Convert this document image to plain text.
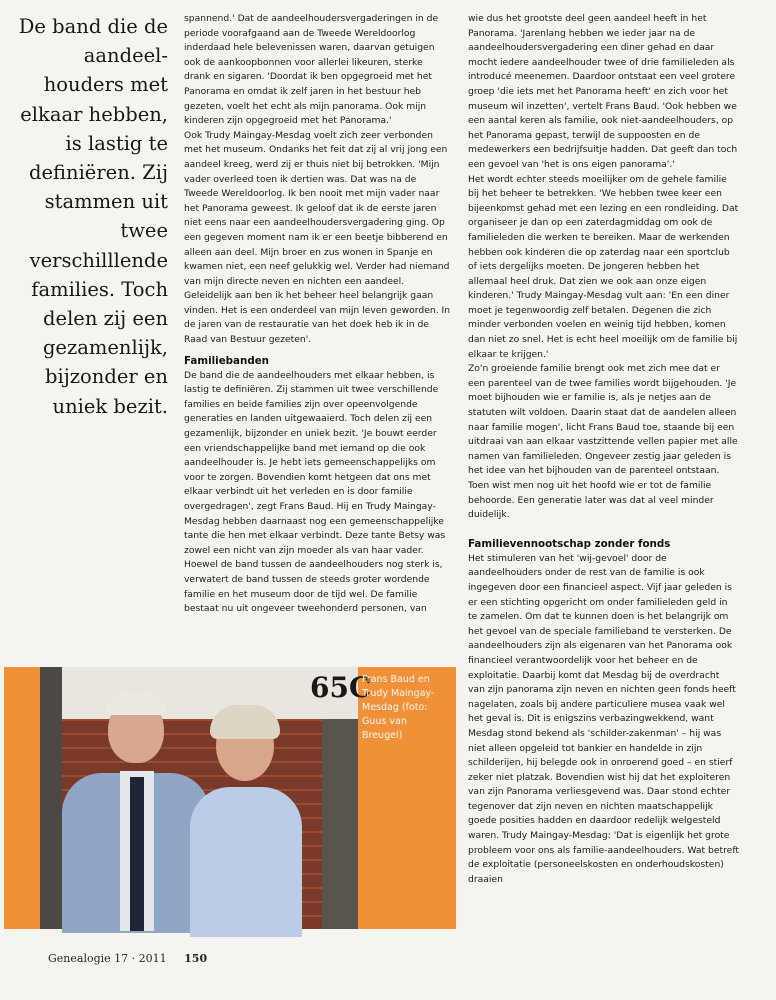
De band die de aandeel-houders met elkaar hebben, is lastig te definiëren. Zij stammen uit twee verschilllende families. Toch delen zij een gezamenlijk, bijzonder en uniek bezit.

spannend.' Dat de aandeelhoudersvergaderingen in de periode voorafgaand aan de Tweede Wereldoorlog inderdaad hele belevenissen waren, daarvan getuigen ook de aankoopbonnen voor allerlei likeuren, sterke drank en sigaren. 'Doordat ik ben opgegroeid met het Panorama en omdat ik zelf jaren in het bestuur heb gezeten, voelt het echt als mijn panorama. Ook mijn kinderen zijn opgegroeid met het Panorama.'

Ook Trudy Maingay-Mesdag voelt zich zeer verbonden met het museum. Ondanks het feit dat zij al vrij jong een aandeel kreeg, werd zij er thuis niet bij betrokken. 'Mijn vader overleed toen ik dertien was. Dat was na de Tweede Wereldoorlog. Ik ben nooit met mijn vader naar het Panorama geweest. Ik geloof dat ik de eerste jaren niet eens naar een aandeelhoudersvergadering ging. Op een gegeven moment nam ik er een beetje bibberend en alleen aan deel. Mijn broer en zus wonen in Spanje en kwamen niet, een neef gelukkig wel. Verder had niemand van mijn directe neven en nichten een aandeel. Geleidelijk aan ben ik het beheer heel belangrijk gaan vinden. Het is een onderdeel van mijn leven geworden. In de jaren van de restauratie van het doek heb ik in de Raad van Bestuur gezeten'.

Familiebanden

De band die de aandeelhouders met elkaar hebben, is lastig te definiëren. Zij stammen uit twee verschillende families en beide families zijn over opeenvolgende generaties en landen uitgewaaierd. Toch delen zij een gezamenlijk, bijzonder en uniek bezit. 'Je bouwt eerder een vriendschappelijke band met iemand op die ook aandeelhouder is. Je hebt iets gemeenschappelijks om voor te zorgen. Bovendien komt hetgeen dat ons met elkaar verbindt uit het verleden en is door familie overgedragen', zegt Frans Baud. Hij en Trudy Maingay-Mesdag hebben daarnaast nog een gemeenschappelijke tante die hen met elkaar verbindt. Deze tante Betsy was zowel een nicht van zijn moeder als van haar vader.

Hoewel de band tussen de aandeelhouders nog sterk is, verwatert de band tussen de steeds groter wordende familie en het museum door de tijd wel. De familie bestaat nu uit ongeveer tweehonderd personen, van

wie dus het grootste deel geen aandeel heeft in het Panorama. 'Jarenlang hebben we ieder jaar na de aandeelhoudersvergadering een diner gehad en daar mocht iedere aandeelhouder twee of drie familieleden als introducé meenemen. Daardoor ontstaat een veel grotere groep 'die iets met het Panorama heeft' en zich voor het museum wil inzetten', vertelt Frans Baud. 'Ook hebben we een aantal keren als familie, ook niet-aandeelhouders, op het Panorama gepast, terwijl de suppoosten en de medewerkers een bedrijfsuitje hadden. Dat geeft dan toch een gevoel van 'het is ons eigen panorama'.'

Het wordt echter steeds moeilijker om de gehele familie bij het beheer te betrekken. 'We hebben twee keer een bijeenkomst gehad met een lezing en een rondleiding. Dat organiseer je dan op een zaterdagmiddag om ook de familieleden die werken te bereiken. Maar de werkenden hebben ook kinderen die op zaterdag naar een sportclub of iets dergelijks moeten. De jongeren hebben het allemaal heel druk. Dat zien we ook aan onze eigen kinderen.' Trudy Maingay-Mesdag vult aan: 'En een diner moet je tegenwoordig zelf betalen. Degenen die zich minder verbonden voelen en weinig tijd hebben, komen dan niet zo snel. Het is echt heel moeilijk om de familie bij elkaar te krijgen.'

Zo'n groeiende familie brengt ook met zich mee dat er een parenteel van de twee families wordt bijgehouden. 'Je moet bijhouden wie er familie is, als je netjes aan de statuten wilt voldoen. Daarin staat dat de aandelen alleen naar familie mogen', licht Frans Baud toe, staande bij een uitdraai van aan elkaar vastzittende vellen papier met alle namen van familieleden. Ongeveer zestig jaar geleden is het idee van het bijhouden van de parenteel ontstaan. Toen wist men nog uit het hoofd wie er tot de familie behoorde. Een generatie later was dat al veel minder duidelijk.

Familievennootschap zonder fonds

Het stimuleren van het 'wij-gevoel' door de aandeelhouders onder de rest van de familie is ook ingegeven door een financieel aspect. Vijf jaar geleden is er een stichting opgericht om onder familieleden geld in te zamelen. Om dat te kunnen doen is het belangrijk om het gevoel van de speciale familieband te versterken. De aandeelhouders zijn als eigenaren van het Panorama ook financieel verantwoordelijk voor het beheer en de exploitatie. Daarbij komt dat Mesdag bij de overdracht van zijn panorama zijn neven en nichten geen fonds heeft nagelaten, zoals bij andere particuliere musea vaak wel het geval is. Dit is enigszins verbazingwekkend, want Mesdag stond bekend als 'schilder-zakenman' – hij was niet alleen opgeleid tot bankier en handelde in zijn schilderijen, hij belegde ook in onroerend goed – en stierf zeker niet platzak. Bovendien wist hij dat het exploiteren van zijn Panorama verliesgevend was. Daar stond echter tegenover dat zijn neven en nichten maatschappelijk goede posities hadden en daardoor redelijk welgesteld waren. Trudy Maingay-Mesdag: 'Dat is eigenlijk het grote probleem voor ons als familie-aandeelhouders. Wat betreft de exploitatie (personeelskosten en onderhoudskosten) draaien

65C

Frans Baud en Trudy Maingay-Mesdag (foto: Guus van Breugel)

Genealogie 17 · 2011 150
